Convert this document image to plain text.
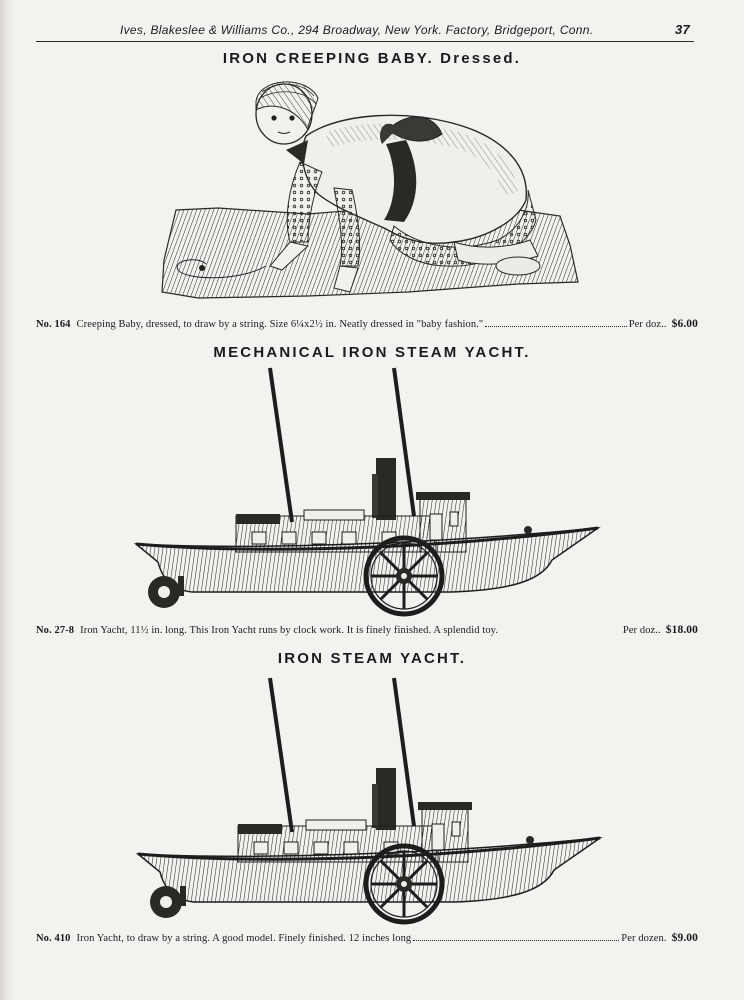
Ives, Blakeslee & Williams Co., 294 Broadway, New York. Factory, Bridgeport, Conn.	37
IRON CREEPING BABY. Dressed.
No. 164 Creeping Baby, dressed, to draw by a string. Size 6¼x2½ in. Neatly dressed in "baby fashion."	Per doz.. $6.00
MECHANICAL IRON STEAM YACHT.
No. 27-8 Iron Yacht, 11½ in. long. This Iron Yacht runs by clock work. It is finely finished. A splendid toy.	Per doz.. $18.00
IRON STEAM YACHT.
No. 410 Iron Yacht, to draw by a string. A good model. Finely finished. 12 inches long	Per dozen. $9.00
